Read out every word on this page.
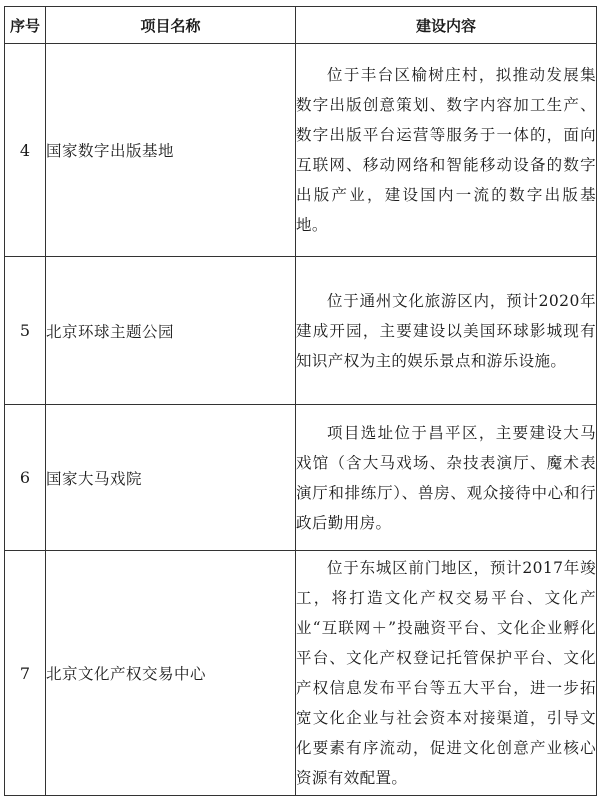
序号	项目名称	建设内容
4	国家数字出版基地	位于丰台区榆树庄村，拟推动发展集数字出版创意策划、数字内容加工生产、数字出版平台运营等服务于一体的，面向互联网、移动网络和智能移动设备的数字出版产业，建设国内一流的数字出版基地。
5	北京环球主题公园	位于通州文化旅游区内，预计2020年建成开园，主要建设以美国环球影城现有知识产权为主的娱乐景点和游乐设施。
6	国家大马戏院	项目选址位于昌平区，主要建设大马戏馆（含大马戏场、杂技表演厅、魔术表演厅和排练厅）、兽房、观众接待中心和行政后勤用房。
7	北京文化产权交易中心	位于东城区前门地区，预计2017年竣工，将打造文化产权交易平台、文化产业“互联网＋”投融资平台、文化企业孵化平台、文化产权登记托管保护平台、文化产权信息发布平台等五大平台，进一步拓宽文化企业与社会资本对接渠道，引导文化要素有序流动，促进文化创意产业核心资源有效配置。
